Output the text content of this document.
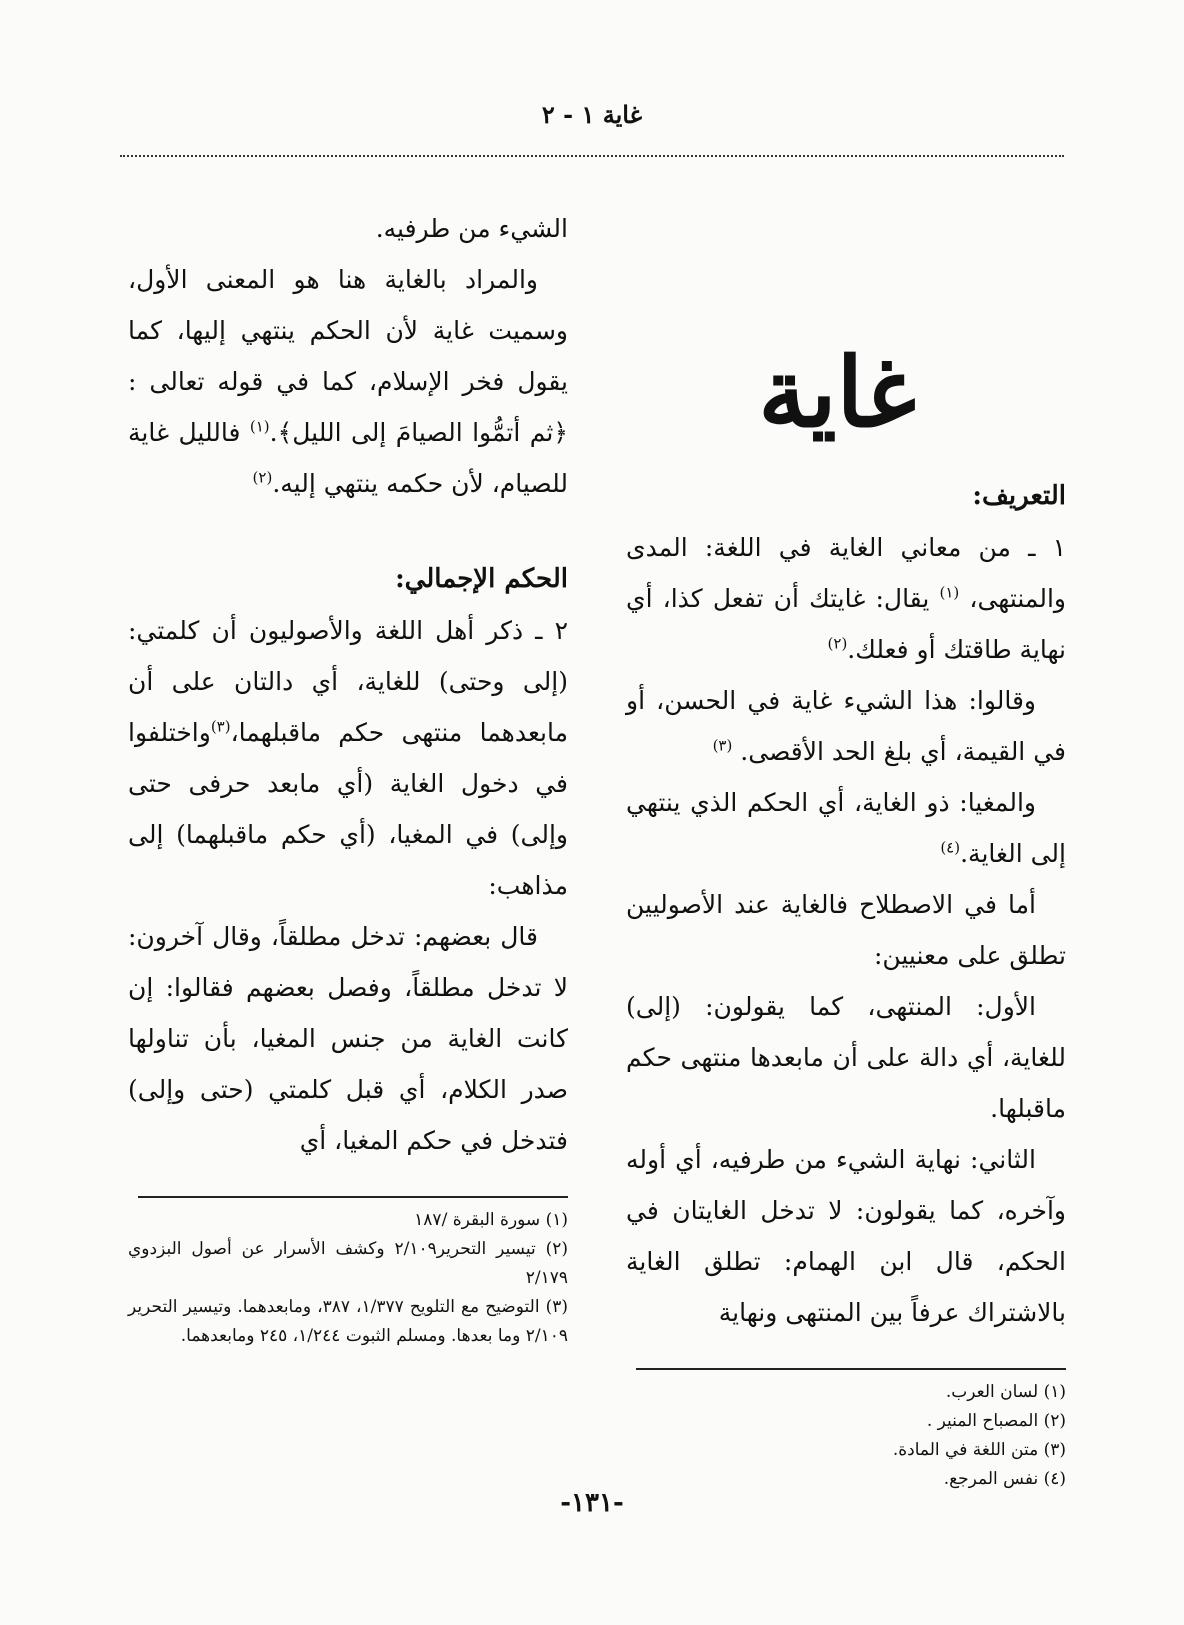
غاية ١ - ٢
غاية

التعريف:

١ ـ من معاني الغاية في اللغة: المدى والمنتهى، $^{(١)}$ يقال: غايتك أن تفعل كذا، أي نهاية طاقتك أو فعلك.$^{(٢)}$

وقالوا: هذا الشيء غاية في الحسن، أو في القيمة، أي بلغ الحد الأقصى. $^{(٣)}$

والمغيا: ذو الغاية، أي الحكم الذي ينتهي إلى الغاية.$^{(٤)}$

أما في الاصطلاح فالغاية عند الأصوليين تطلق على معنيين:

الأول: المنتهى، كما يقولون: (إلى) للغاية، أي دالة على أن مابعدها منتهى حكم ماقبلها.

الثاني: نهاية الشيء من طرفيه، أي أوله وآخره، كما يقولون: لا تدخل الغايتان في الحكم، قال ابن الهمام: تطلق الغاية بالاشتراك عرفاً بين المنتهى ونهاية

(١) لسان العرب.
(٢) المصباح المنير .
(٣) متن اللغة في المادة.
(٤) نفس المرجع.

الشيء من طرفيه.

والمراد بالغاية هنا هو المعنى الأول، وسميت غاية لأن الحكم ينتهي إليها، كما يقول فخر الإسلام، كما في قوله تعالى : ﴿ثم أتمُّوا الصيامَ إلى الليل﴾.$^{(١)}$ فالليل غاية للصيام، لأن حكمه ينتهي إليه.$^{(٢)}$

الحكم الإجمالي:

٢ ـ ذكر أهل اللغة والأصوليون أن كلمتي: (إلى وحتى) للغاية، أي دالتان على أن مابعدهما منتهى حكم ماقبلهما،$^{(٣)}$واختلفوا في دخول الغاية (أي مابعد حرفى حتى وإلى) في المغيا، (أي حكم ماقبلهما) إلى مذاهب:

قال بعضهم: تدخل مطلقاً، وقال آخرون: لا تدخل مطلقاً، وفصل بعضهم فقالوا: إن كانت الغاية من جنس المغيا، بأن تناولها صدر الكلام، أي قبل كلمتي (حتى وإلى) فتدخل في حكم المغيا، أي

(١) سورة البقرة /١٨٧
(٢) تيسير التحرير٢/١٠٩ وكشف الأسرار عن أصول البزدوي ٢/١٧٩
(٣) التوضيح مع التلويح ١/٣٧٧، ٣٨٧، ومابعدهما. وتيسير التحرير ٢/١٠٩ وما بعدها. ومسلم الثبوت ١/٢٤٤، ٢٤٥ ومابعدهما.
-١٣١-
